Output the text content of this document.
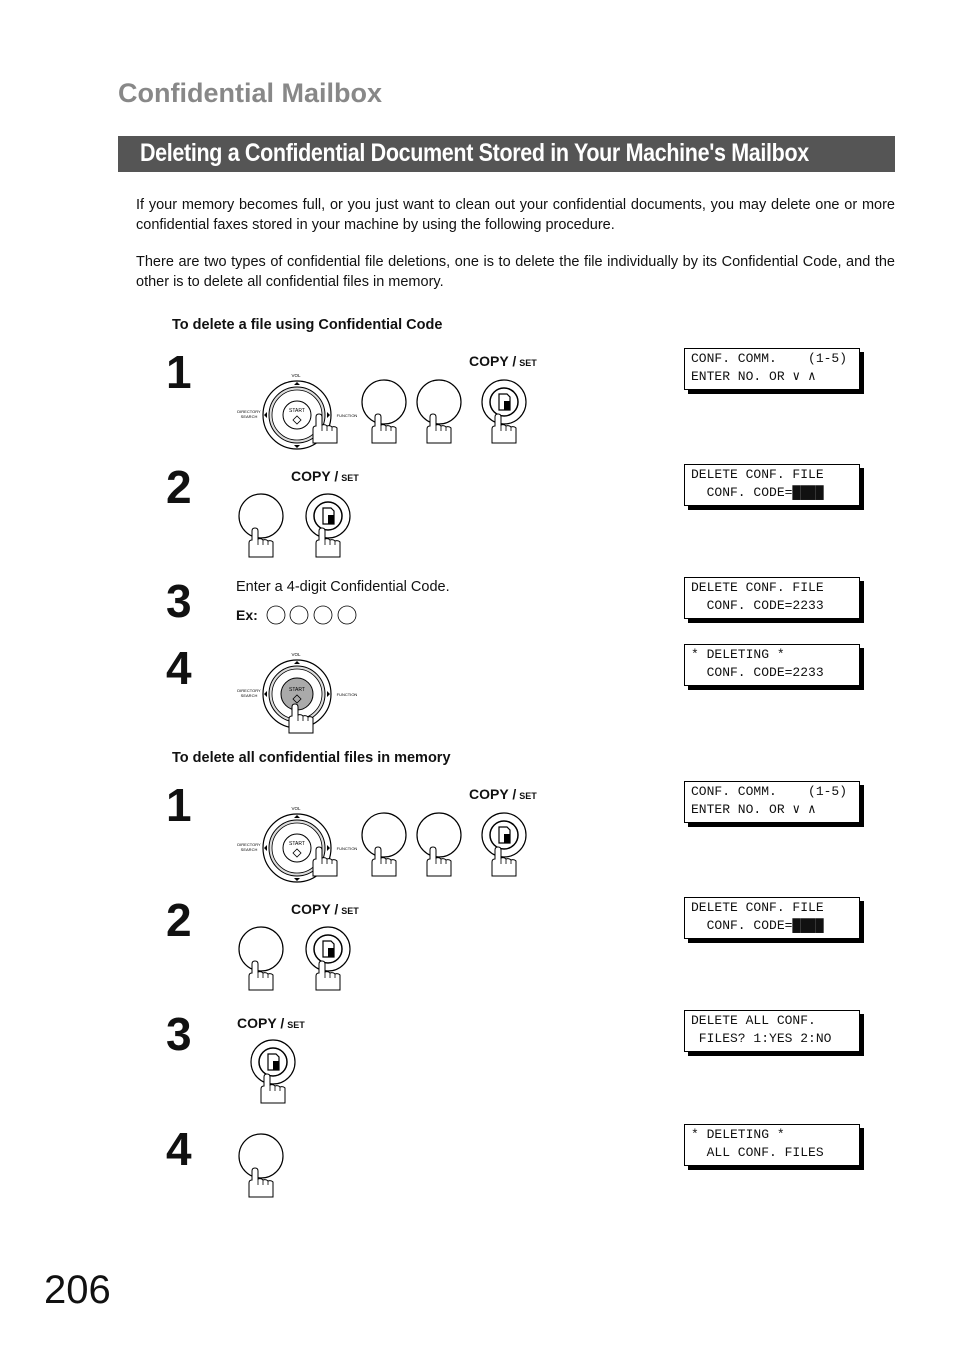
Confidential Mailbox
Deleting a Confidential Document Stored in Your Machine's Mailbox
If your memory becomes full, or you just want to clean out your confidential documents, you may delete one or more confidential faxes stored in your machine by using the following procedure.
There are two types of confidential file deletions, one is to delete the file individually by its Confidential Code, and the other is to delete all confidential files in memory.
To delete a file using Confidential Code
1
START
VOL
DIRECTORY
SEARCH	FUNCTION
COPY / SET	CONF. COMM.    (1-5)
ENTER NO. OR ∨ ∧
2	COPY / SET	DELETE CONF. FILE
CONF. CODE=████
3	Enter a 4-digit Confidential Code.
Ex:
DELETE CONF. FILE
CONF. CODE=2233
4	START
VOL
DIRECTORY
SEARCH	FUNCTION
* DELETING *
CONF. CODE=2233
To delete all confidential files in memory
1
START
VOL
DIRECTORY
SEARCH	FUNCTION
COPY / SET	CONF. COMM.    (1-5)
ENTER NO. OR ∨ ∧
2	COPY / SET	DELETE CONF. FILE
CONF. CODE=████
3	COPY / SET	DELETE ALL CONF.
FILES? 1:YES 2:NO
4	* DELETING *
ALL CONF. FILES
206
